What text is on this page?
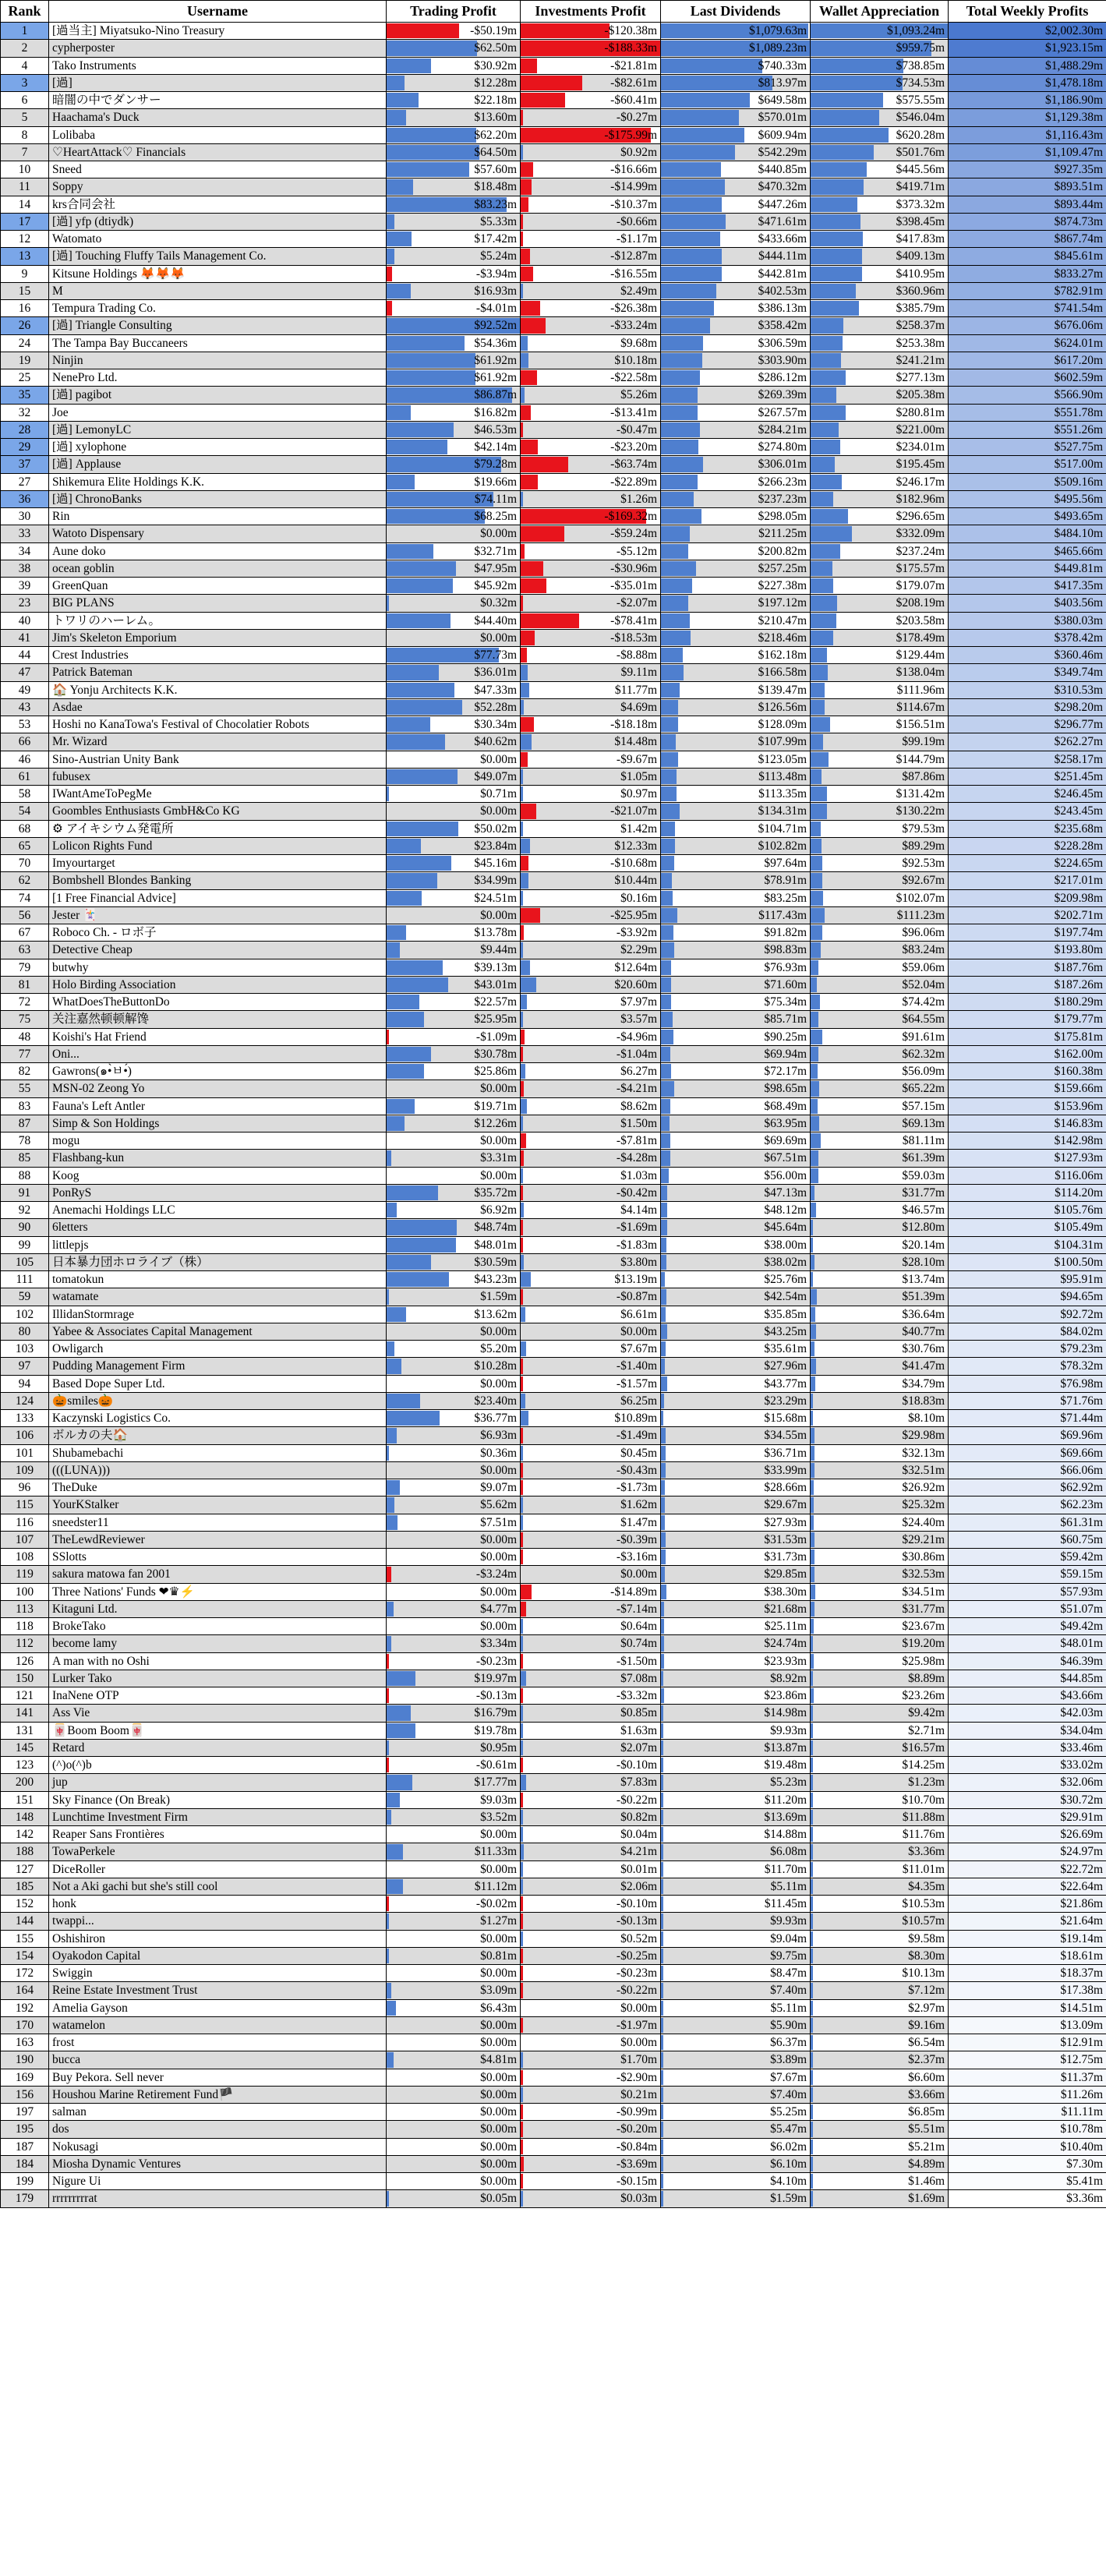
Rank	Username	Trading Profit	Investments Profit	Last Dividends	Wallet Appreciation	Total Weekly Profits
1	[過当主] Miyatsuko-Nino Treasury	-$50.19m	-$120.38m	$1,079.63m	$1,093.24m	$2,002.30m
2	cypherposter	$62.50m	-$188.33m	$1,089.23m	$959.75m	$1,923.15m
4	Tako Instruments	$30.92m	-$21.81m	$740.33m	$738.85m	$1,488.29m
3	[過]	$12.28m	-$82.61m	$813.97m	$734.53m	$1,478.18m
6	暗闇の中でダンサー	$22.18m	-$60.41m	$649.58m	$575.55m	$1,186.90m
5	Haachama's Duck	$13.60m	-$0.27m	$570.01m	$546.04m	$1,129.38m
8	Lolibaba	$62.20m	-$175.99m	$609.94m	$620.28m	$1,116.43m
7	♡HeartAttack♡ Financials	$64.50m	$0.92m	$542.29m	$501.76m	$1,109.47m
10	Sneed	$57.60m	-$16.66m	$440.85m	$445.56m	$927.35m
11	Soppy	$18.48m	-$14.99m	$470.32m	$419.71m	$893.51m
14	krs合同会社	$83.23m	-$10.37m	$447.26m	$373.32m	$893.44m
17	[過] yfp (dtiydk)	$5.33m	-$0.66m	$471.61m	$398.45m	$874.73m
12	Watomato	$17.42m	-$1.17m	$433.66m	$417.83m	$867.74m
13	[過] Touching Fluffy Tails Management Co.	$5.24m	-$12.87m	$444.11m	$409.13m	$845.61m
9	Kitsune Holdings 🦊🦊🦊	-$3.94m	-$16.55m	$442.81m	$410.95m	$833.27m
15	M	$16.93m	$2.49m	$402.53m	$360.96m	$782.91m
16	Tempura Trading Co.	-$4.01m	-$26.38m	$386.13m	$385.79m	$741.54m
26	[過] Triangle Consulting	$92.52m	-$33.24m	$358.42m	$258.37m	$676.06m
24	The Tampa Bay Buccaneers	$54.36m	$9.68m	$306.59m	$253.38m	$624.01m
19	Ninjin	$61.92m	$10.18m	$303.90m	$241.21m	$617.20m
25	NenePro Ltd.	$61.92m	-$22.58m	$286.12m	$277.13m	$602.59m
35	[過] pagibot	$86.87m	$5.26m	$269.39m	$205.38m	$566.90m
32	Joe	$16.82m	-$13.41m	$267.57m	$280.81m	$551.78m
28	[過] LemonyLC	$46.53m	-$0.47m	$284.21m	$221.00m	$551.26m
29	[過] xylophone	$42.14m	-$23.20m	$274.80m	$234.01m	$527.75m
37	[過] Applause	$79.28m	-$63.74m	$306.01m	$195.45m	$517.00m
27	Shikemura Elite Holdings K.K.	$19.66m	-$22.89m	$266.23m	$246.17m	$509.16m
36	[過] ChronoBanks	$74.11m	$1.26m	$237.23m	$182.96m	$495.56m
30	Rin	$68.25m	-$169.32m	$298.05m	$296.65m	$493.65m
33	Watoto Dispensary	$0.00m	-$59.24m	$211.25m	$332.09m	$484.10m
34	Aune doko	$32.71m	-$5.12m	$200.82m	$237.24m	$465.66m
38	ocean goblin	$47.95m	-$30.96m	$257.25m	$175.57m	$449.81m
39	GreenQuan	$45.92m	-$35.01m	$227.38m	$179.07m	$417.35m
23	BIG PLANS	$0.32m	-$2.07m	$197.12m	$208.19m	$403.56m
40	トワリのハーレム。	$44.40m	-$78.41m	$210.47m	$203.58m	$380.03m
41	Jim's Skeleton Emporium	$0.00m	-$18.53m	$218.46m	$178.49m	$378.42m
44	Crest Industries	$77.73m	-$8.88m	$162.18m	$129.44m	$360.46m
47	Patrick Bateman	$36.01m	$9.11m	$166.58m	$138.04m	$349.74m
49	🏠 Yonju Architects K.K.	$47.33m	$11.77m	$139.47m	$111.96m	$310.53m
43	Asdae	$52.28m	$4.69m	$126.56m	$114.67m	$298.20m
53	Hoshi no KanaTowa's Festival of Chocolatier Robots	$30.34m	-$18.18m	$128.09m	$156.51m	$296.77m
66	Mr. Wizard	$40.62m	$14.48m	$107.99m	$99.19m	$262.27m
46	Sino-Austrian Unity Bank	$0.00m	-$9.67m	$123.05m	$144.79m	$258.17m
61	fubusex	$49.07m	$1.05m	$113.48m	$87.86m	$251.45m
58	IWantAmeToPegMe	$0.71m	$0.97m	$113.35m	$131.42m	$246.45m
54	Goombles Enthusiasts GmbH&Co KG	$0.00m	-$21.07m	$134.31m	$130.22m	$243.45m
68	⚙ アイキシウム発電所	$50.02m	$1.42m	$104.71m	$79.53m	$235.68m
65	Lolicon Rights Fund	$23.84m	$12.33m	$102.82m	$89.29m	$228.28m
70	Imyourtarget	$45.16m	-$10.68m	$97.64m	$92.53m	$224.65m
62	Bombshell Blondes Banking	$34.99m	$10.44m	$78.91m	$92.67m	$217.01m
74	[1 Free Financial Advice]	$24.51m	$0.16m	$83.25m	$102.07m	$209.98m
56	Jester 🃏	$0.00m	-$25.95m	$117.43m	$111.23m	$202.71m
67	Roboco Ch. - ロボ子	$13.78m	-$3.92m	$91.82m	$96.06m	$197.74m
63	Detective Cheap	$9.44m	$2.29m	$98.83m	$83.24m	$193.80m
79	butwhy	$39.13m	$12.64m	$76.93m	$59.06m	$187.76m
81	Holo Birding Association	$43.01m	$20.60m	$71.60m	$52.04m	$187.26m
72	WhatDoesTheButtonDo	$22.57m	$7.97m	$75.34m	$74.42m	$180.29m
75	关注嘉然顿顿解馋	$25.95m	$3.57m	$85.71m	$64.55m	$179.77m
48	Koishi's Hat Friend	-$1.09m	-$4.96m	$90.25m	$91.61m	$175.81m
77	Oni...	$30.78m	-$1.04m	$69.94m	$62.32m	$162.00m
82	Gawrons(๑•̀ㅂ•́)	$25.86m	$6.27m	$72.17m	$56.09m	$160.38m
55	MSN-02 Zeong Yo	$0.00m	-$4.21m	$98.65m	$65.22m	$159.66m
83	Fauna's Left Antler	$19.71m	$8.62m	$68.49m	$57.15m	$153.96m
87	Simp & Son Holdings	$12.26m	$1.50m	$63.95m	$69.13m	$146.83m
78	mogu	$0.00m	-$7.81m	$69.69m	$81.11m	$142.98m
85	Flashbang-kun	$3.31m	-$4.28m	$67.51m	$61.39m	$127.93m
88	Koog	$0.00m	$1.03m	$56.00m	$59.03m	$116.06m
91	PonRyS	$35.72m	-$0.42m	$47.13m	$31.77m	$114.20m
92	Anemachi Holdings LLC	$6.92m	$4.14m	$48.12m	$46.57m	$105.76m
90	6letters	$48.74m	-$1.69m	$45.64m	$12.80m	$105.49m
99	littlepjs	$48.01m	-$1.83m	$38.00m	$20.14m	$104.31m
105	日本暴力団ホロライブ（株）	$30.59m	$3.80m	$38.02m	$28.10m	$100.50m
111	tomatokun	$43.23m	$13.19m	$25.76m	$13.74m	$95.91m
59	watamate	$1.59m	-$0.87m	$42.54m	$51.39m	$94.65m
102	IllidanStormrage	$13.62m	$6.61m	$35.85m	$36.64m	$92.72m
80	Yabee & Associates Capital Management	$0.00m	$0.00m	$43.25m	$40.77m	$84.02m
103	Owligarch	$5.20m	$7.67m	$35.61m	$30.76m	$79.23m
97	Pudding Management Firm	$10.28m	-$1.40m	$27.96m	$41.47m	$78.32m
94	Based Dope Super Ltd.	$0.00m	-$1.57m	$43.77m	$34.79m	$76.98m
124	🎃smiles🎃	$23.40m	$6.25m	$23.29m	$18.83m	$71.76m
133	Kaczynski Logistics Co.	$36.77m	$10.89m	$15.68m	$8.10m	$71.44m
106	ボルカの夫🏠	$6.93m	-$1.49m	$34.55m	$29.98m	$69.96m
101	Shubamebachi	$0.36m	$0.45m	$36.71m	$32.13m	$69.66m
109	(((LUNA)))	$0.00m	-$0.43m	$33.99m	$32.51m	$66.06m
96	TheDuke	$9.07m	-$1.73m	$28.66m	$26.92m	$62.92m
115	YourKStalker	$5.62m	$1.62m	$29.67m	$25.32m	$62.23m
116	sneedster11	$7.51m	$1.47m	$27.93m	$24.40m	$61.31m
107	TheLewdReviewer	$0.00m	-$0.39m	$31.53m	$29.21m	$60.75m
108	SSlotts	$0.00m	-$3.16m	$31.73m	$30.86m	$59.42m
119	sakura matowa fan 2001	-$3.24m	$0.00m	$29.85m	$32.53m	$59.15m
100	Three Nations' Funds ❤♛⚡	$0.00m	-$14.89m	$38.30m	$34.51m	$57.93m
113	Kitaguni Ltd.	$4.77m	-$7.14m	$21.68m	$31.77m	$51.07m
118	BrokeTako	$0.00m	$0.64m	$25.11m	$23.67m	$49.42m
112	become lamy	$3.34m	$0.74m	$24.74m	$19.20m	$48.01m
126	A man with no Oshi	-$0.23m	-$1.50m	$23.93m	$25.98m	$46.39m
150	Lurker Tako	$19.97m	$7.08m	$8.92m	$8.89m	$44.85m
121	InaNene OTP	-$0.13m	-$3.32m	$23.86m	$23.26m	$43.66m
141	Ass Vie	$16.79m	$0.85m	$14.98m	$9.42m	$42.03m
131	🀄Boom Boom🀄	$19.78m	$1.63m	$9.93m	$2.71m	$34.04m
145	Retard	$0.95m	$2.07m	$13.87m	$16.57m	$33.46m
123	(^)o(^)b	-$0.61m	-$0.10m	$19.48m	$14.25m	$33.02m
200	jup	$17.77m	$7.83m	$5.23m	$1.23m	$32.06m
151	Sky Finance (On Break)	$9.03m	-$0.22m	$11.20m	$10.70m	$30.72m
148	Lunchtime Investment Firm	$3.52m	$0.82m	$13.69m	$11.88m	$29.91m
142	Reaper Sans Frontières	$0.00m	$0.04m	$14.88m	$11.76m	$26.69m
188	TowaPerkele	$11.33m	$4.21m	$6.08m	$3.36m	$24.97m
127	DiceRoller	$0.00m	$0.01m	$11.70m	$11.01m	$22.72m
185	Not a Aki gachi but she's still cool	$11.12m	$2.06m	$5.11m	$4.35m	$22.64m
152	honk	-$0.02m	-$0.10m	$11.45m	$10.53m	$21.86m
144	twappi...	$1.27m	-$0.13m	$9.93m	$10.57m	$21.64m
155	Oshishiron	$0.00m	$0.52m	$9.04m	$9.58m	$19.14m
154	Oyakodon Capital	$0.81m	-$0.25m	$9.75m	$8.30m	$18.61m
172	Swiggin	$0.00m	-$0.23m	$8.47m	$10.13m	$18.37m
164	Reine Estate Investment Trust	$3.09m	-$0.22m	$7.40m	$7.12m	$17.38m
192	Amelia Gayson	$6.43m	$0.00m	$5.11m	$2.97m	$14.51m
170	watamelon	$0.00m	-$1.97m	$5.90m	$9.16m	$13.09m
163	frost	$0.00m	$0.00m	$6.37m	$6.54m	$12.91m
190	bucca	$4.81m	$1.70m	$3.89m	$2.37m	$12.75m
169	Buy Pekora. Sell never	$0.00m	-$2.90m	$7.67m	$6.60m	$11.37m
156	Houshou Marine Retirement Fund🏴	$0.00m	$0.21m	$7.40m	$3.66m	$11.26m
197	salman	$0.00m	-$0.99m	$5.25m	$6.85m	$11.11m
195	dos	$0.00m	-$0.20m	$5.47m	$5.51m	$10.78m
187	Nokusagi	$0.00m	-$0.84m	$6.02m	$5.21m	$10.40m
184	Miosha Dynamic Ventures	$0.00m	-$3.69m	$6.10m	$4.89m	$7.30m
199	Nigure Ui	$0.00m	-$0.15m	$4.10m	$1.46m	$5.41m
179	rrrrrrrrrat	$0.05m	$0.03m	$1.59m	$1.69m	$3.36m
